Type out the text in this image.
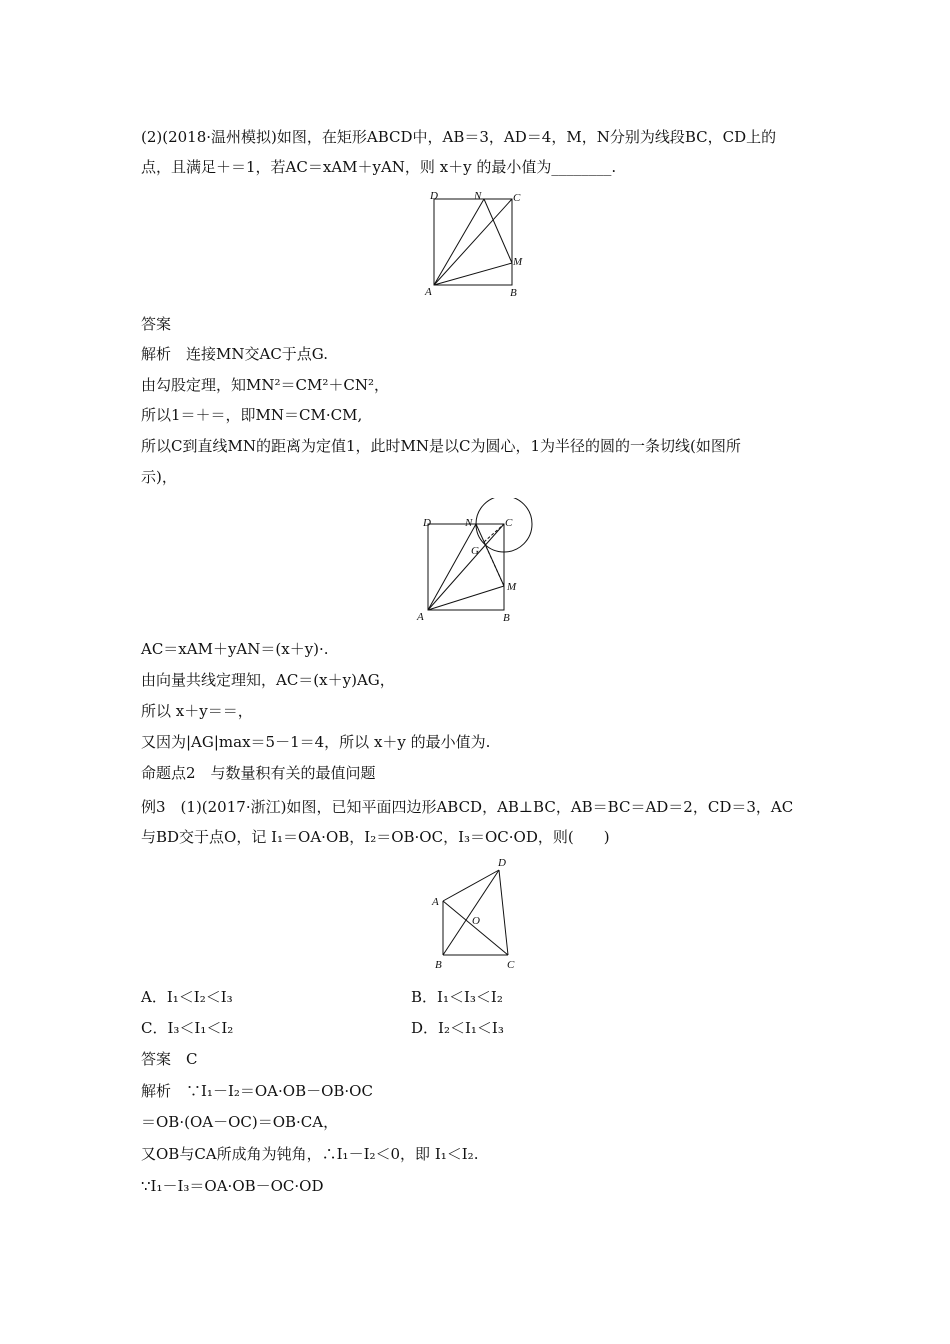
(2)(2018·温州模拟)如图，在矩形ABCD中，AB＝3，AD＝4，M，N分别为线段BC，CD上的
点，且满足＋＝1，若AC＝xAM＋yAN，则 x＋y 的最小值为________.
D	N	C
M
A	B
答案
解析　连接MN交AC于点G.
由勾股定理，知MN²＝CM²＋CN²，
所以1＝＋＝，即MN＝CM·CM,
所以C到直线MN的距离为定值1，此时MN是以C为圆心，1为半径的圆的一条切线(如图所
示)，
D	N	C
G
M
A	B
AC＝xAM＋yAN＝(x＋y)·.
由向量共线定理知，AC＝(x＋y)AG，
所以 x＋y＝＝，
又因为|AG|max＝5－1＝4，所以 x＋y 的最小值为.
命题点2　与数量积有关的最值问题
例3　(1)(2017·浙江)如图，已知平面四边形ABCD，AB⊥BC，AB＝BC＝AD＝2，CD＝3，AC
与BD交于点O，记 I₁＝OA·OB，I₂＝OB·OC，I₃＝OC·OD，则(　　)
A
D
O
B	C
A．I₁＜I₂＜I₃	B．I₁＜I₃＜I₂
C．I₃＜I₁＜I₂	D．I₂＜I₁＜I₃
答案　C
解析　∵I₁－I₂＝OA·OB－OB·OC
＝OB·(OA－OC)＝OB·CA，
又OB与CA所成角为钝角，∴I₁－I₂＜0，即 I₁＜I₂.
∵I₁－I₃＝OA·OB－OC·OD
